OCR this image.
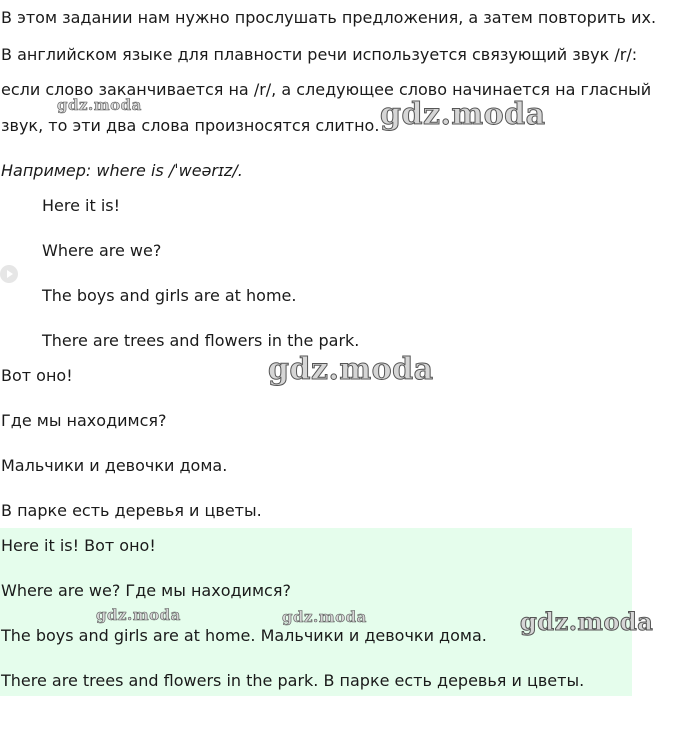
В этом задании нам нужно прослушать предложения, а затем повторить их.
В английском языке для плавности речи используется связующий звук /r/:
если слово заканчивается на /r/, а следующее слово начинается на гласный
звук, то эти два слова произносятся слитно.
Например: where is /ˈweərɪz/.
Here it is!
Where are we?
The boys and girls are at home.
There are trees and flowers in the park.
Вот оно!
Где мы находимся?
Мальчики и девочки дома.
В парке есть деревья и цветы.
Here it is! Вот оно!
Where are we? Где мы находимся?
The boys and girls are at home. Мальчики и девочки дома.
There are trees and flowers in the park. В парке есть деревья и цветы.
gdz.moda	gdz.moda
gdz.moda
gdz.moda	gdz.moda	gdz.moda
